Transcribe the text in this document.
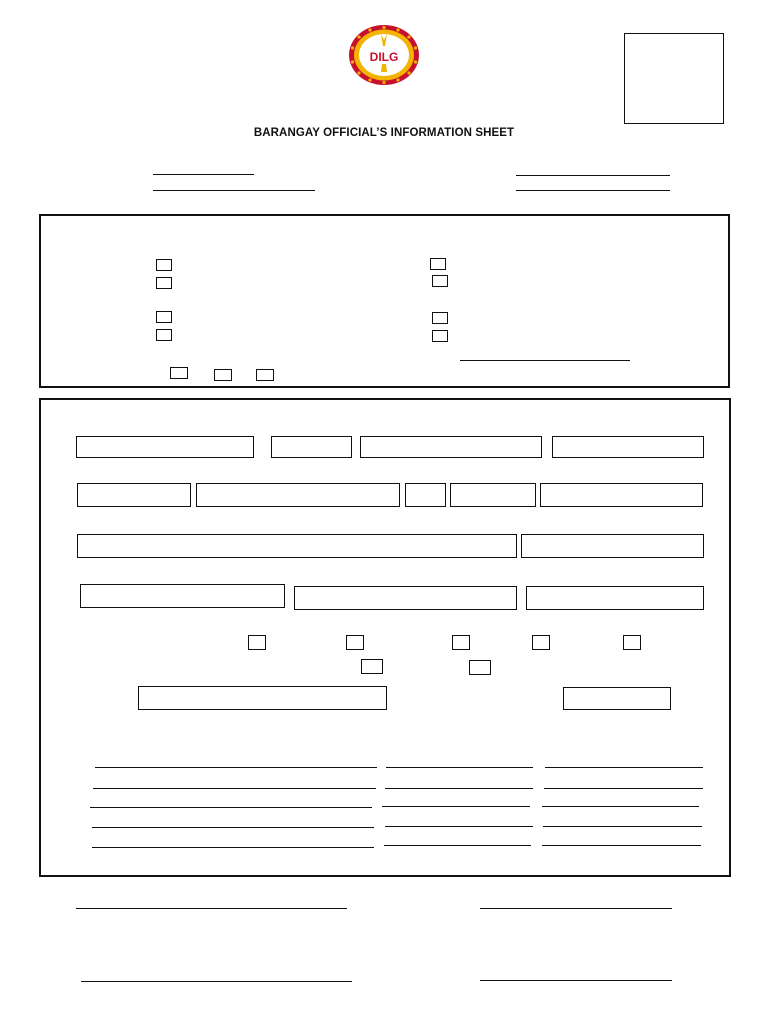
DILG
BARANGAY OFFICIAL’S INFORMATION SHEET
